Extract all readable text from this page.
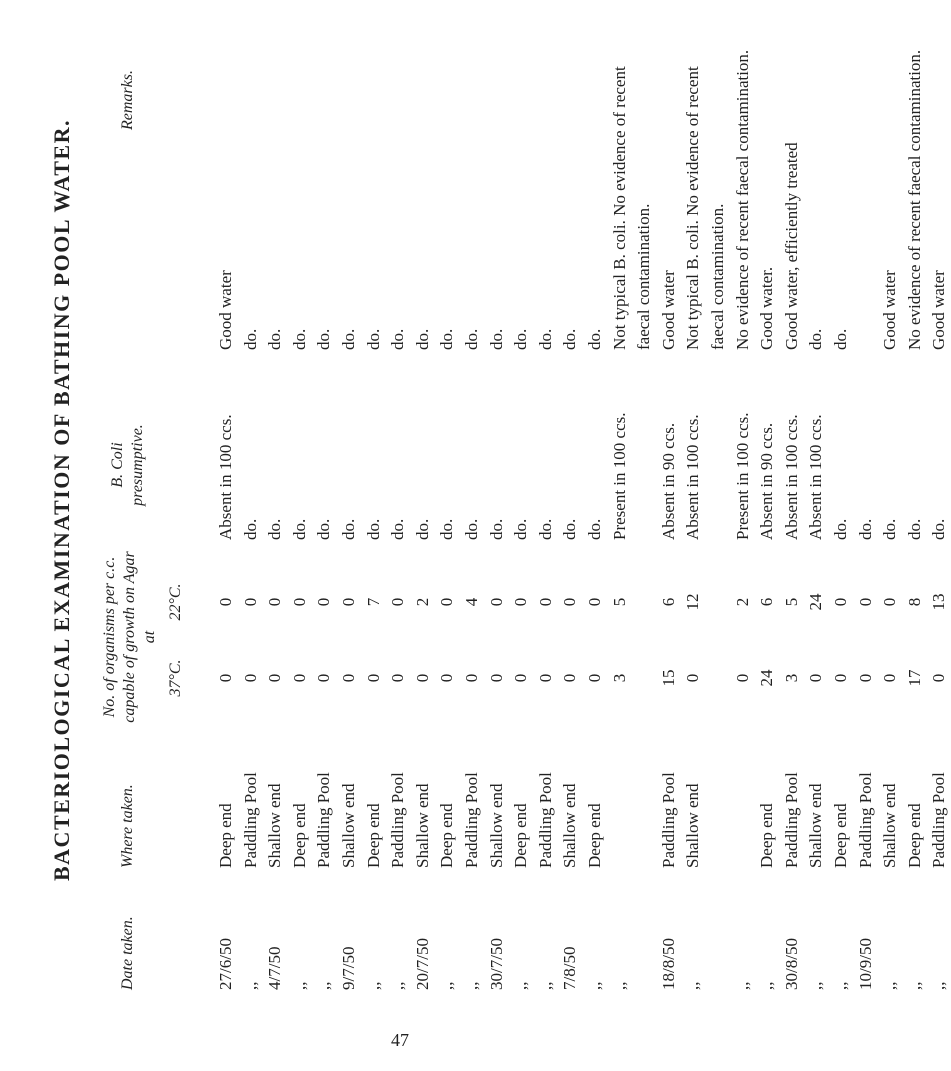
BACTERIOLOGICAL EXAMINATION OF BATHING POOL WATER.
Date taken.
Where taken.
No. of organisms per c.c. capable of growth on Agar at
37°C.
22°C.
B. Coli presumptive.
Remarks.
27/6/50
Deep end
0
0
Absent in 100 ccs.
Good water
,,
Paddling Pool
0
0
do.
do.
4/7/50
Shallow end
0
0
do.
do.
,,
Deep end
0
0
do.
do.
,,
Paddling Pool
0
0
do.
do.
9/7/50
Shallow end
0
0
do.
do.
,,
Deep end
0
7
do.
do.
,,
Paddling Pool
0
0
do.
do.
20/7/50
Shallow end
0
2
do.
do.
,,
Deep end
0
0
do.
do.
,,
Paddling Pool
0
4
do.
do.
30/7/50
Shallow end
0
0
do.
do.
,,
Deep end
0
0
do.
do.
,,
Paddling Pool
0
0
do.
do.
7/8/50
Shallow end
0
0
do.
do.
,,
Deep end
0
0
do.
do.
,,
3
5
Present in 100 ccs.
Not typical B. coli. No evidence of recent faecal contamination.
18/8/50
Paddling Pool
15
6
Absent in 90 ccs.
Good water
,,
Shallow end
0
12
Absent in 100 ccs.
Not typical B. coli. No evidence of recent faecal contamination.
,,
0
2
Present in 100 ccs.
No evidence of recent faecal contamination.
,,
Deep end
24
6
Absent in 90 ccs.
Good water.
30/8/50
Paddling Pool
3
5
Absent in 100 ccs.
Good water, efficiently treated
,,
Shallow end
0
24
Absent in 100 ccs.
do.
,,
Deep end
0
0
do.
do.
10/9/50
Paddling Pool
0
0
do.
,,
Shallow end
0
0
do.
Good water
,,
Deep end
17
8
do.
No evidence of recent faecal contamination.
,,
Paddling Pool
0
13
do.
Good water
47
